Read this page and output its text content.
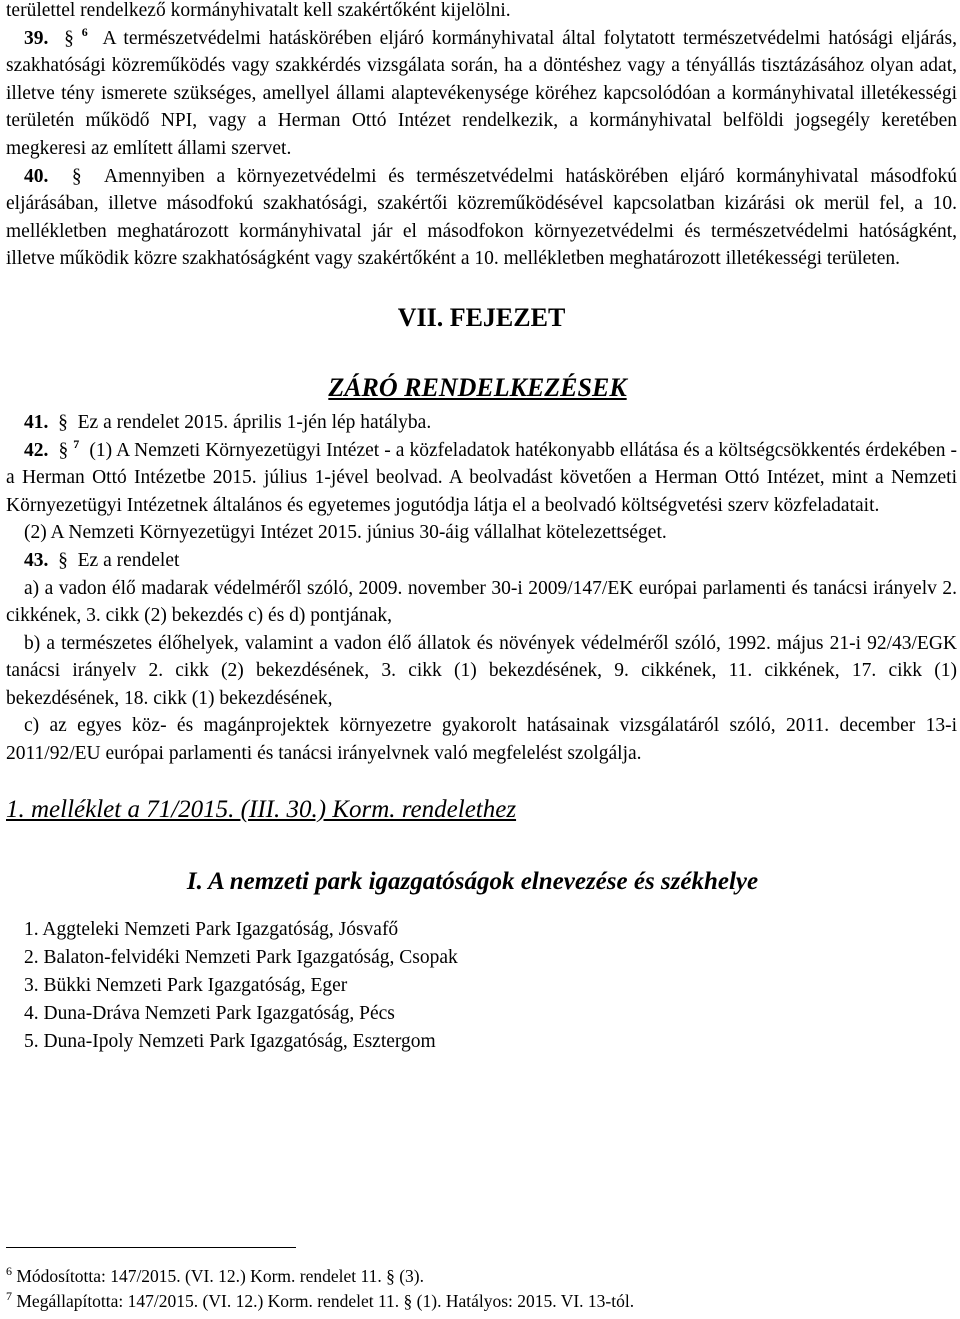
területtel rendelkező kormányhivatalt kell szakértőként kijelölni.

39. § $^6$ A természetvédelmi hatáskörében eljáró kormányhivatal által folytatott természetvédelmi hatósági eljárás, szakhatósági közreműködés vagy szakkérdés vizsgálata során, ha a döntéshez vagy a tényállás tisztázásához olyan adat, illetve tény ismerete szükséges, amellyel állami alaptevékenysége köréhez kapcsolódóan a kormányhivatal illetékességi területén működő NPI, vagy a Herman Ottó Intézet rendelkezik, a kormányhivatal belföldi jogsegély keretében megkeresi az említett állami szervet.

40. § Amennyiben a környezetvédelmi és természetvédelmi hatáskörében eljáró kormányhivatal másodfokú eljárásában, illetve másodfokú szakhatósági, szakértői közreműködésével kapcsolatban kizárási ok merül fel, a 10. mellékletben meghatározott kormányhivatal jár el másodfokon környezetvédelmi és természetvédelmi hatóságként, illetve működik közre szakhatóságként vagy szakértőként a 10. mellékletben meghatározott illetékességi területen.

VII. FEJEZET

ZÁRÓ RENDELKEZÉSEK

41. § Ez a rendelet 2015. április 1-jén lép hatályba.

42. § $^7$ (1) A Nemzeti Környezetügyi Intézet - a közfeladatok hatékonyabb ellátása és a költségcsökkentés érdekében - a Herman Ottó Intézetbe 2015. július 1-jével beolvad. A beolvadást követően a Herman Ottó Intézet, mint a Nemzeti Környezetügyi Intézetnek általános és egyetemes jogutódja látja el a beolvadó költségvetési szerv közfeladatait.

(2) A Nemzeti Környezetügyi Intézet 2015. június 30-áig vállalhat kötelezettséget.

43. § Ez a rendelet

a) a vadon élő madarak védelméről szóló, 2009. november 30-i 2009/147/EK európai parlamenti és tanácsi irányelv 2. cikkének, 3. cikk (2) bekezdés c) és d) pontjának,

b) a természetes élőhelyek, valamint a vadon élő állatok és növények védelméről szóló, 1992. május 21-i 92/43/EGK tanácsi irányelv 2. cikk (2) bekezdésének, 3. cikk (1) bekezdésének, 9. cikkének, 11. cikkének, 17. cikk (1) bekezdésének, 18. cikk (1) bekezdésének,

c) az egyes köz- és magánprojektek környezetre gyakorolt hatásainak vizsgálatáról szóló, 2011. december 13-i 2011/92/EU európai parlamenti és tanácsi irányelvnek való megfelelést szolgálja.

1. melléklet a 71/2015. (III. 30.) Korm. rendelethez

I. A nemzeti park igazgatóságok elnevezése és székhelye

1. Aggteleki Nemzeti Park Igazgatóság, Jósvafő
2. Balaton-felvidéki Nemzeti Park Igazgatóság, Csopak
3. Bükki Nemzeti Park Igazgatóság, Eger
4. Duna-Dráva Nemzeti Park Igazgatóság, Pécs
5. Duna-Ipoly Nemzeti Park Igazgatóság, Esztergom

$^6$ Módosította: 147/2015. (VI. 12.) Korm. rendelet 11. § (3).

$^7$ Megállapította: 147/2015. (VI. 12.) Korm. rendelet 11. § (1). Hatályos: 2015. VI. 13-tól.
